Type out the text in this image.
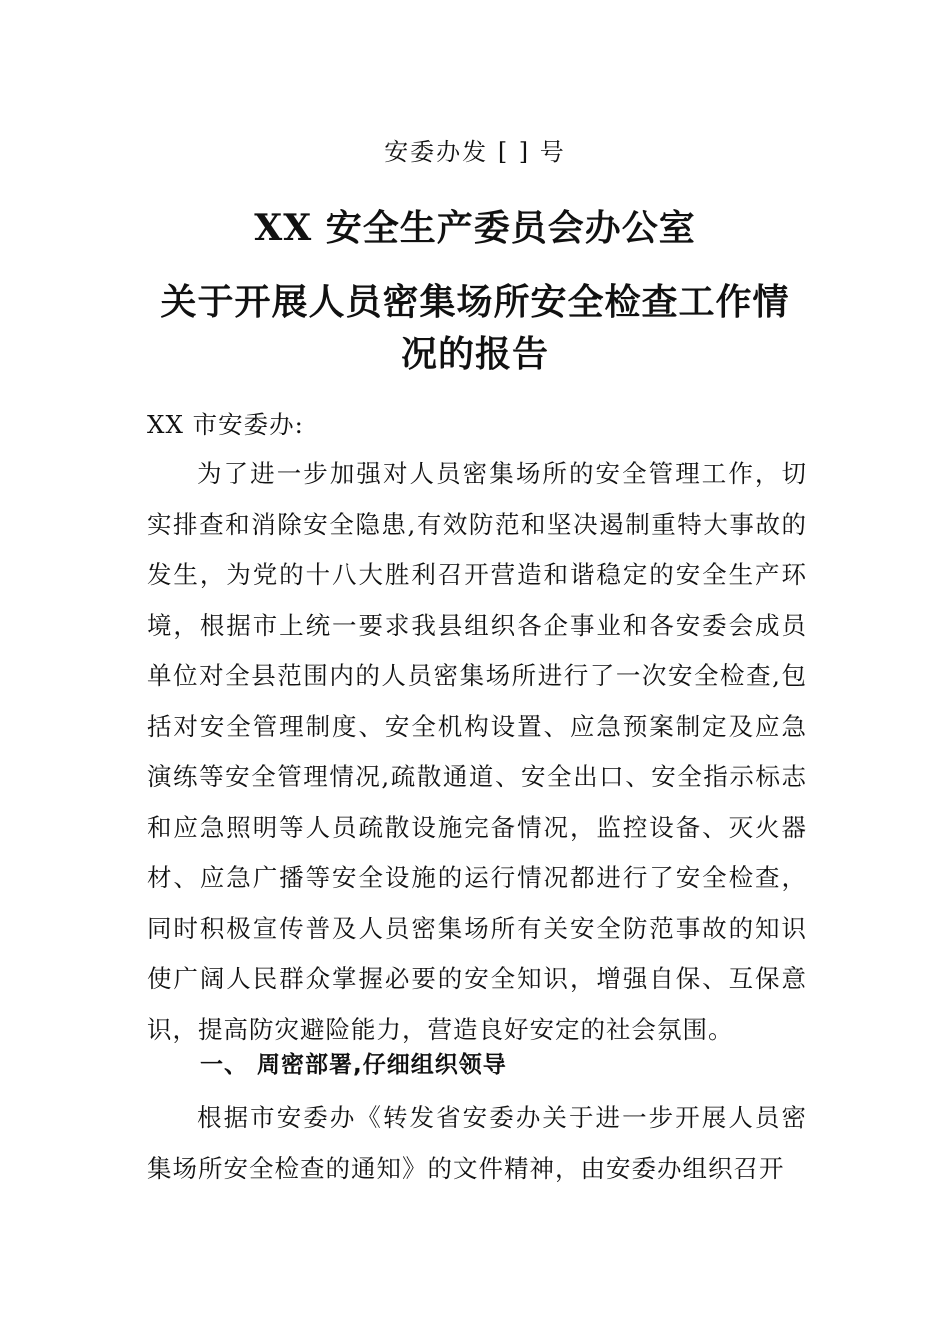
安委办发 [ ] 号
XX 安全生产委员会办公室
关于开展人员密集场所安全检查工作情况的报告
XX 市安委办:
为了进一步加强对人员密集场所的安全管理工作，切实排查和消除安全隐患,有效防范和坚决遏制重特大事故的发生，为党的十八大胜利召开营造和谐稳定的安全生产环境，根据市上统一要求我县组织各企事业和各安委会成员单位对全县范围内的人员密集场所进行了一次安全检查,包括对安全管理制度、安全机构设置、应急预案制定及应急演练等安全管理情况,疏散通道、安全出口、安全指示标志和应急照明等人员疏散设施完备情况，监控设备、灭火器材、应急广播等安全设施的运行情况都进行了安全检查，同时积极宣传普及人员密集场所有关安全防范事故的知识使广阔人民群众掌握必要的安全知识，增强自保、互保意识，提高防灾避险能力，营造良好安定的社会氛围。
一、 周密部署,仔细组织领导
根据市安委办《转发省安委办关于进一步开展人员密集场所安全检查的通知》的文件精神，由安委办组织召开
